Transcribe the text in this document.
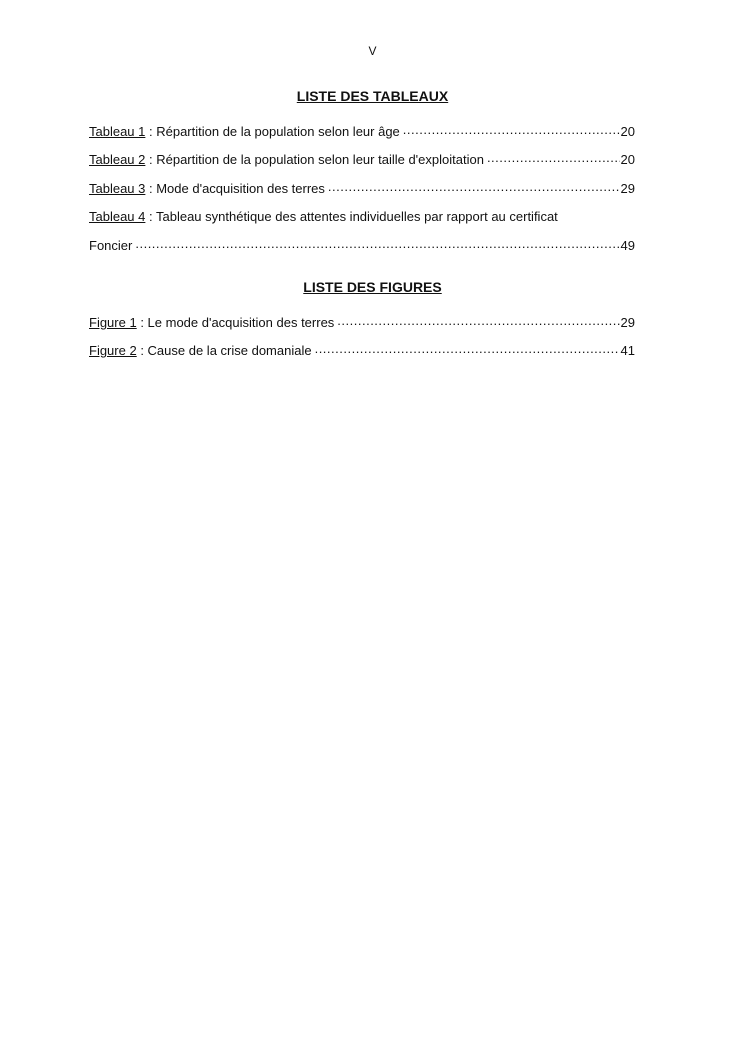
V
LISTE DES TABLEAUX
Tableau 1 : Répartition de la population selon leur âge .....	20
Tableau 2 : Répartition de la population selon leur taille d'exploitation .....	20
Tableau 3 : Mode d'acquisition des terres .....	29
Tableau 4 : Tableau synthétique des attentes individuelles par rapport au certificat
Foncier .....	49
LISTE DES FIGURES
Figure 1 : Le mode d'acquisition des terres .....	29
Figure 2 : Cause de la crise domaniale .....	41
